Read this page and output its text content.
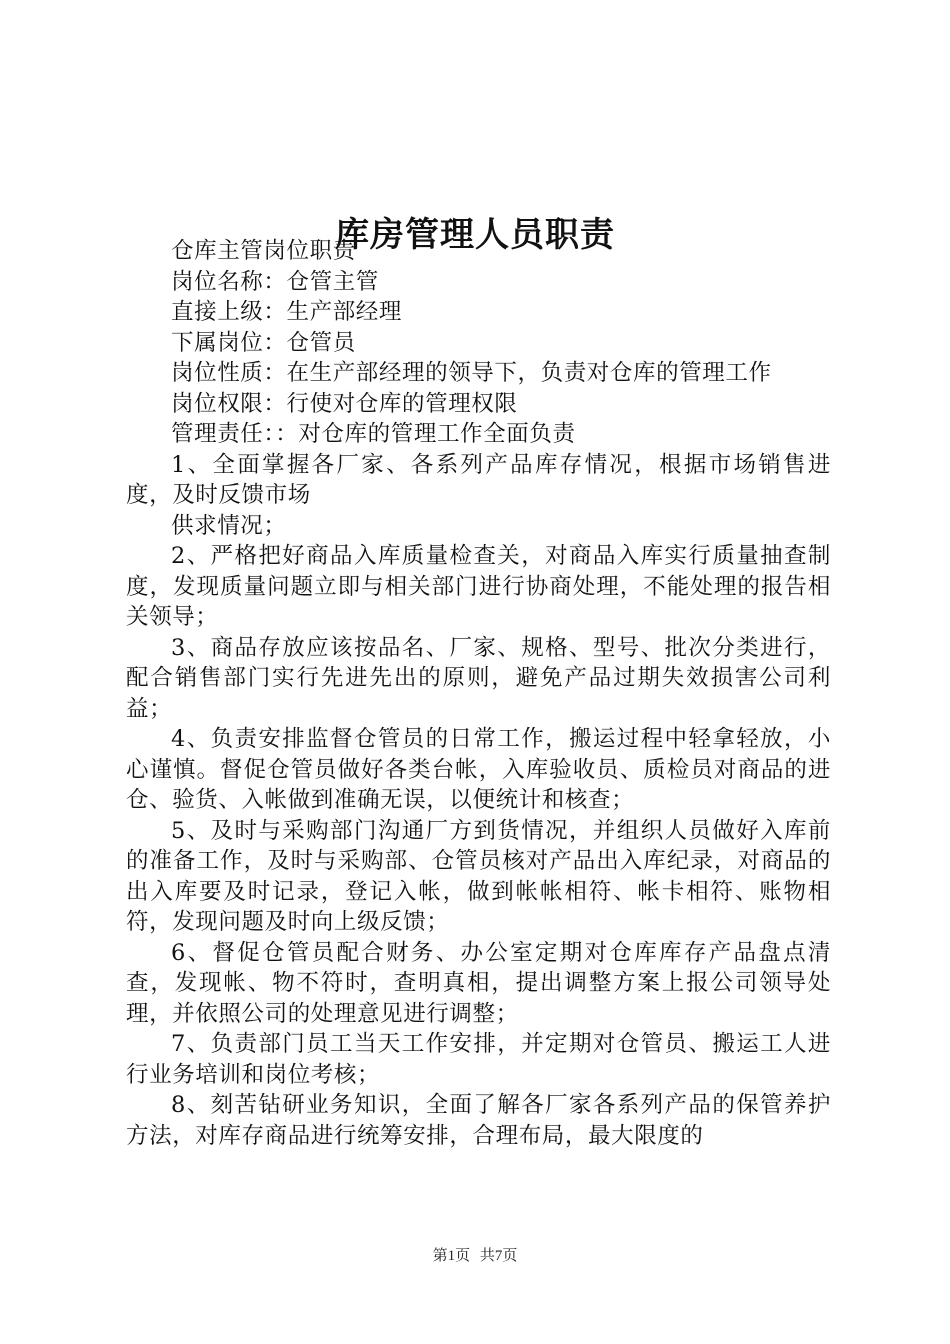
库房管理人员职责

仓库主管岗位职责

岗位名称：仓管主管

直接上级：生产部经理

下属岗位：仓管员

岗位性质：在生产部经理的领导下，负责对仓库的管理工作

岗位权限：行使对仓库的管理权限

管理责任：：对仓库的管理工作全面负责

1、全面掌握各厂家、各系列产品库存情况，根据市场销售进度，及时反馈市场

供求情况；

2、严格把好商品入库质量检查关，对商品入库实行质量抽查制度，发现质量问题立即与相关部门进行协商处理，不能处理的报告相关领导；

3、商品存放应该按品名、厂家、规格、型号、批次分类进行，配合销售部门实行先进先出的原则，避免产品过期失效损害公司利益；

4、负责安排监督仓管员的日常工作，搬运过程中轻拿轻放，小心谨慎。督促仓管员做好各类台帐，入库验收员、质检员对商品的进仓、验货、入帐做到准确无误，以便统计和核查；

5、及时与采购部门沟通厂方到货情况，并组织人员做好入库前的准备工作，及时与采购部、仓管员核对产品出入库纪录，对商品的出入库要及时记录，登记入帐，做到帐帐相符、帐卡相符、账物相符，发现问题及时向上级反馈；

6、督促仓管员配合财务、办公室定期对仓库库存产品盘点清查，发现帐、物不符时，查明真相，提出调整方案上报公司领导处理，并依照公司的处理意见进行调整；

7、负责部门员工当天工作安排，并定期对仓管员、搬运工人进行业务培训和岗位考核；

8、刻苦钻研业务知识，全面了解各厂家各系列产品的保管养护方法，对库存商品进行统筹安排，合理布局，最大限度的

第1页 共7页
